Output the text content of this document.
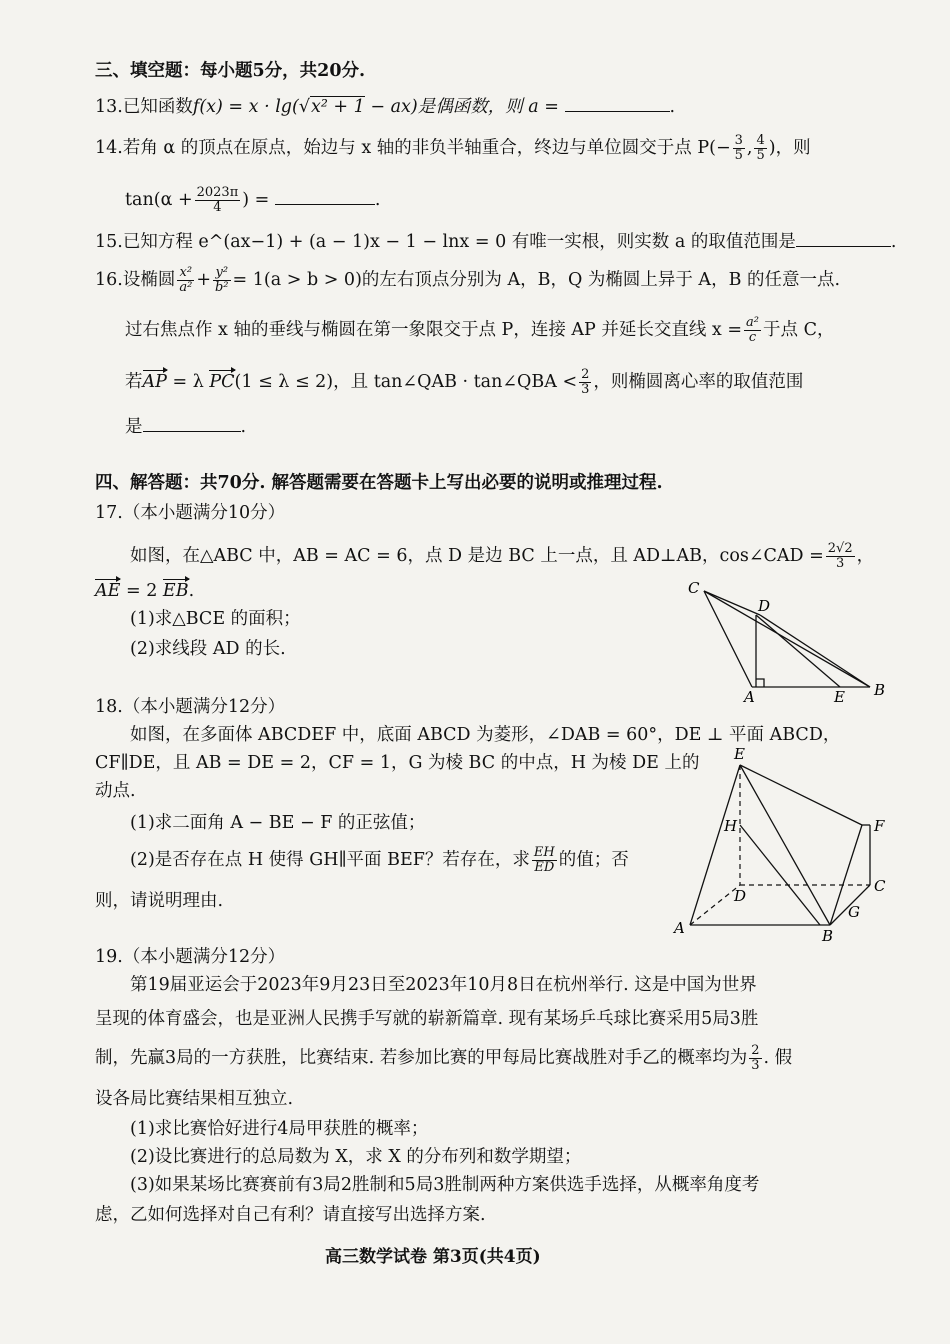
三、填空题：每小题5分，共20分.
13.已知函数f(x) = x · lg(√x² + 1 − ax)是偶函数，则 a =	.
14.若角 α 的顶点在原点，始边与 x 轴的非负半轴重合，终边与单位圆交于点 $P(- \frac{3}{5}$ , $\frac{4}{5}$ )，则
$\tan(\alpha + \frac{2023\pi}{4}$ ) =	.
15.已知方程 e^(ax−1) + (a − 1)x − 1 − lnx = 0 有唯一实根，则实数 a 的取值范围是	.
16.设椭圆 $\frac{\text{x²}}{\text{a²}} + \frac{\text{y²}}{\text{b²}} = 1(a > b > 0)$的左右顶点分别为 A，B，Q 为椭圆上异于 A，B 的任意一点.
过右焦点作 x 轴的垂线与椭圆在第一象限交于点 P，连接 AP 并延长交直线 $x = \frac{\text{a²}}{c}$ 于点 C，
若AP = λ PC(1 ≤ λ ≤ 2)，且 tan∠QAB · tan∠QBA < $\frac{2}{3}$ ，则椭圆离心率的取值范围
是	.
四、解答题：共70分. 解答题需要在答题卡上写出必要的说明或推理过程.
17.（本小题满分10分）
如图，在△ABC 中，AB = AC = 6，点 D 是边 BC 上一点，且 AD⊥AB，cos∠CAD = $\frac{2√2}{3}$ ，
AE = 2 EB.
(1)求△BCE 的面积；
(2)求线段 AD 的长.
C
D
A	E B
18.（本小题满分12分）
如图，在多面体 ABCDEF 中，底面 ABCD 为菱形，∠DAB = 60°，DE ⊥ 平面 ABCD，
CF∥DE，且 AB = DE = 2，CF = 1，G 为棱 BC 的中点，H 为棱 DE 上的
动点.
(1)求二面角 A − BE − F 的正弦值；
(2)是否存在点 H 使得 GH∥平面 BEF？若存在，求 $\frac{EH}{ED}$ 的值；否
则，请说明理由.
E
H	F
D
C
G
A	B
19.（本小题满分12分）
第19届亚运会于2023年9月23日至2023年10月8日在杭州举行. 这是中国为世界
呈现的体育盛会，也是亚洲人民携手写就的崭新篇章. 现有某场乒乓球比赛采用5局3胜
制，先赢3局的一方获胜，比赛结束. 若参加比赛的甲每局比赛战胜对手乙的概率均为 $\frac{2}{3}$ . 假
设各局比赛结果相互独立.
(1)求比赛恰好进行4局甲获胜的概率；
(2)设比赛进行的总局数为 X，求 X 的分布列和数学期望；
(3)如果某场比赛赛前有3局2胜制和5局3胜制两种方案供选手选择，从概率角度考
虑，乙如何选择对自己有利？请直接写出选择方案.
高三数学试卷 第3页(共4页)
